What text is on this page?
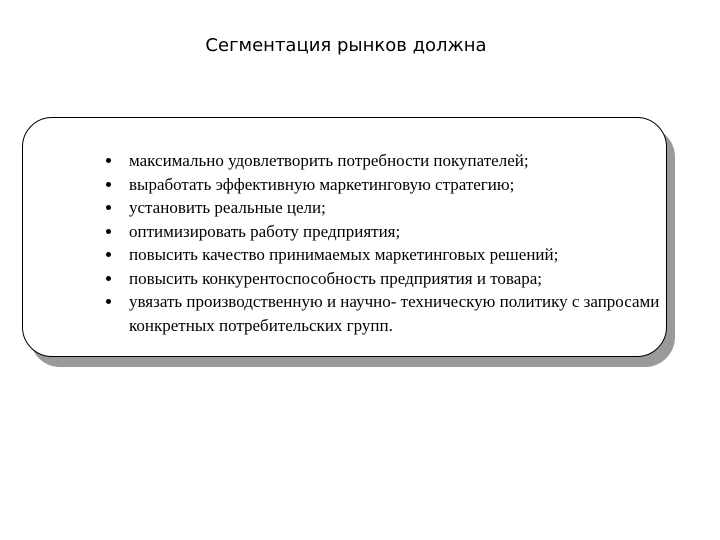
Сегментация рынков должна
максимально удовлетворить потребности покупателей;
выработать эффективную маркетинговую стратегию;
установить реальные цели;
оптимизировать работу предприятия;
повысить качество принимаемых маркетинговых решений;
повысить конкурентоспособность предприятия и товара;
увязать производственную и научно- техническую политику с запросами конкретных потребительских групп.
